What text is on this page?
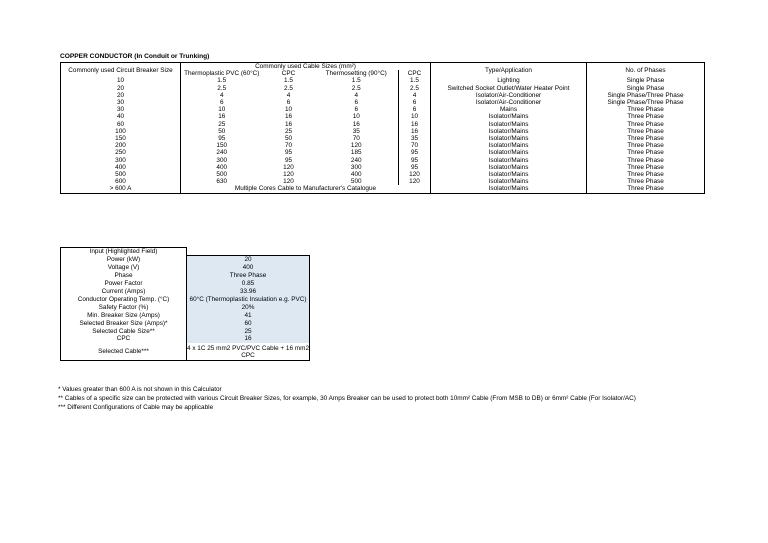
COPPER CONDUCTOR (In Conduit or Trunking)
Commonly used Circuit Breaker Size	Commonly used Cable Sizes (mm²)				Type/Application	No. of Phases
	Thermoplastic PVC (60°C)	CPC	Thermosetting (90°C)	CPC		
10	1.5	1.5	1.5	1.5	Lighting	Single Phase
20	2.5	2.5	2.5	2.5	Switched Socket Outlet/Water Heater Point	Single Phase
20	4	4	4	4	Isolator/Air-Conditioner	Single Phase/Three Phase
30	6	6	6	6	Isolator/Air-Conditioner	Single Phase/Three Phase
30	10	10	6	6	Mains	Three Phase
40	16	16	10	10	Isolator/Mains	Three Phase
60	25	16	16	16	Isolator/Mains	Three Phase
100	50	25	35	16	Isolator/Mains	Three Phase
150	95	50	70	35	Isolator/Mains	Three Phase
200	150	70	120	70	Isolator/Mains	Three Phase
250	240	95	185	95	Isolator/Mains	Three Phase
300	300	95	240	95	Isolator/Mains	Three Phase
400	400	120	300	95	Isolator/Mains	Three Phase
500	500	120	400	120	Isolator/Mains	Three Phase
600	630	120	500	120	Isolator/Mains	Three Phase
> 600 A	Multiple Cores Cable to Manufacturer's Catalogue				Isolator/Mains	Three Phase
Input (Highlighted Field)	
Power (kW)	20
Voltage (V)	400
Phase	Three Phase
Power Factor	0.85
Current (Amps)	33.96
Conductor Operating Temp. (°C)	60°C (Thermoplastic Insulation e.g. PVC)
Safety Factor (%)	20%
Min. Breaker Size (Amps)	41
Selected Breaker Size (Amps)*	60
Selected Cable Size**	25
CPC	16
Selected Cable***	4 x 1C 25 mm2 PVC/PVC Cable + 16 mm2
CPC
* Values greater than 600 A is not shown in this Calculator
** Cables of a specific size can be protected with various Circuit Breaker Sizes, for example, 30 Amps Breaker can be used to protect both 10mm² Cable (From MSB to DB) or 6mm² Cable (For Isolator/AC)
*** Different Configurations of Cable may be applicable
